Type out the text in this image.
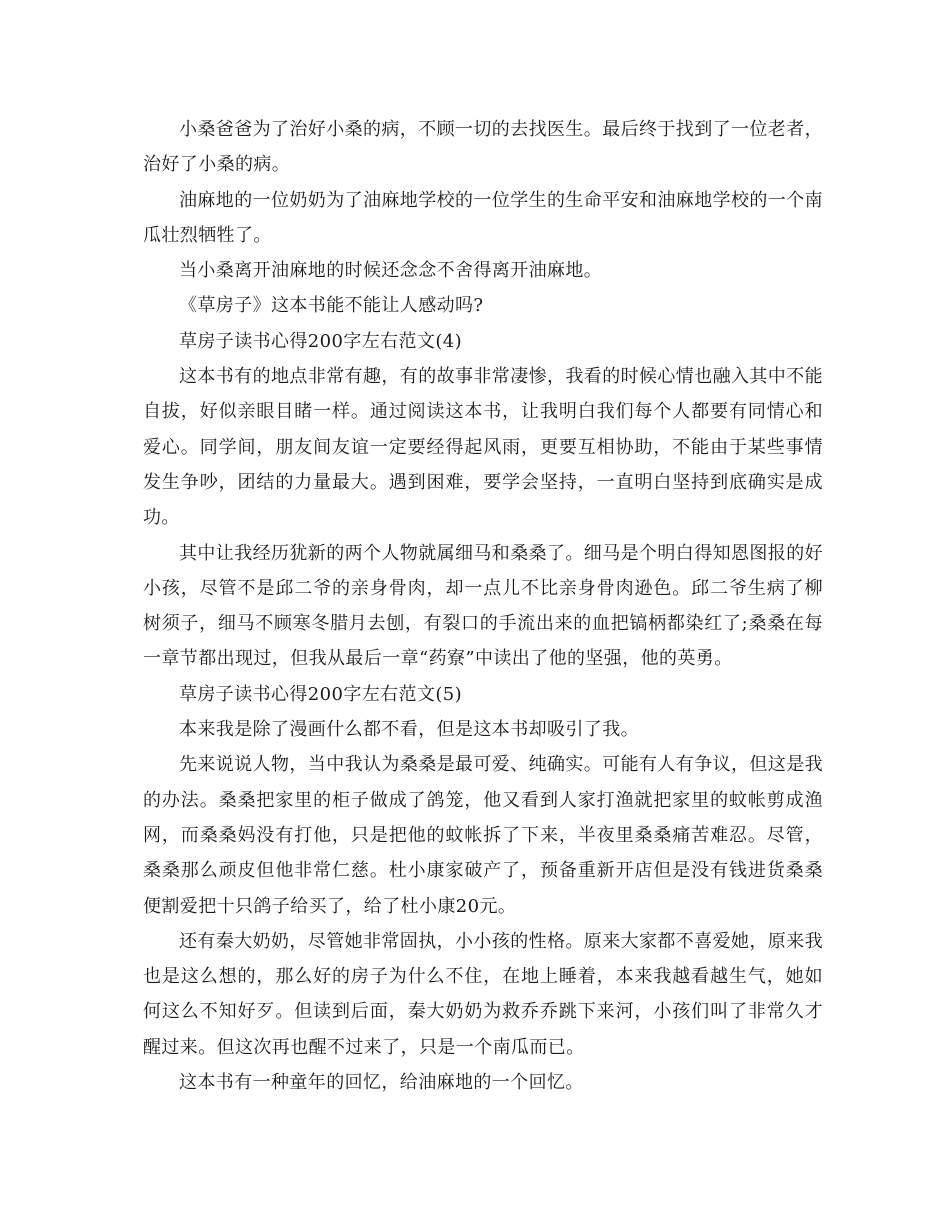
小桑爸爸为了治好小桑的病，不顾一切的去找医生。最后终于找到了一位老者，治好了小桑的病。

油麻地的一位奶奶为了油麻地学校的一位学生的生命平安和油麻地学校的一个南瓜壮烈牺牲了。

当小桑离开油麻地的时候还念念不舍得离开油麻地。

《草房子》这本书能不能让人感动吗?

草房子读书心得200字左右范文(4)

这本书有的地点非常有趣，有的故事非常凄惨，我看的时候心情也融入其中不能自拔，好似亲眼目睹一样。通过阅读这本书，让我明白我们每个人都要有同情心和爱心。同学间，朋友间友谊一定要经得起风雨，更要互相协助，不能由于某些事情发生争吵，团结的力量最大。遇到困难，要学会坚持，一直明白坚持到底确实是成功。

其中让我经历犹新的两个人物就属细马和桑桑了。细马是个明白得知恩图报的好小孩，尽管不是邱二爷的亲身骨肉，却一点儿不比亲身骨肉逊色。邱二爷生病了柳树须子，细马不顾寒冬腊月去刨，有裂口的手流出来的血把镐柄都染红了;桑桑在每一章节都出现过，但我从最后一章“药寮”中读出了他的坚强，他的英勇。

草房子读书心得200字左右范文(5)

本来我是除了漫画什么都不看，但是这本书却吸引了我。

先来说说人物，当中我认为桑桑是最可爱、纯确实。可能有人有争议，但这是我的办法。桑桑把家里的柜子做成了鸽笼，他又看到人家打渔就把家里的蚊帐剪成渔网，而桑桑妈没有打他，只是把他的蚊帐拆了下来，半夜里桑桑痛苦难忍。尽管，桑桑那么顽皮但他非常仁慈。杜小康家破产了，预备重新开店但是没有钱进货桑桑便割爱把十只鸽子给买了，给了杜小康20元。

还有秦大奶奶，尽管她非常固执，小小孩的性格。原来大家都不喜爱她，原来我也是这么想的，那么好的房子为什么不住，在地上睡着，本来我越看越生气，她如何这么不知好歹。但读到后面，秦大奶奶为救乔乔跳下来河，小孩们叫了非常久才醒过来。但这次再也醒不过来了，只是一个南瓜而已。

这本书有一种童年的回忆，给油麻地的一个回忆。
